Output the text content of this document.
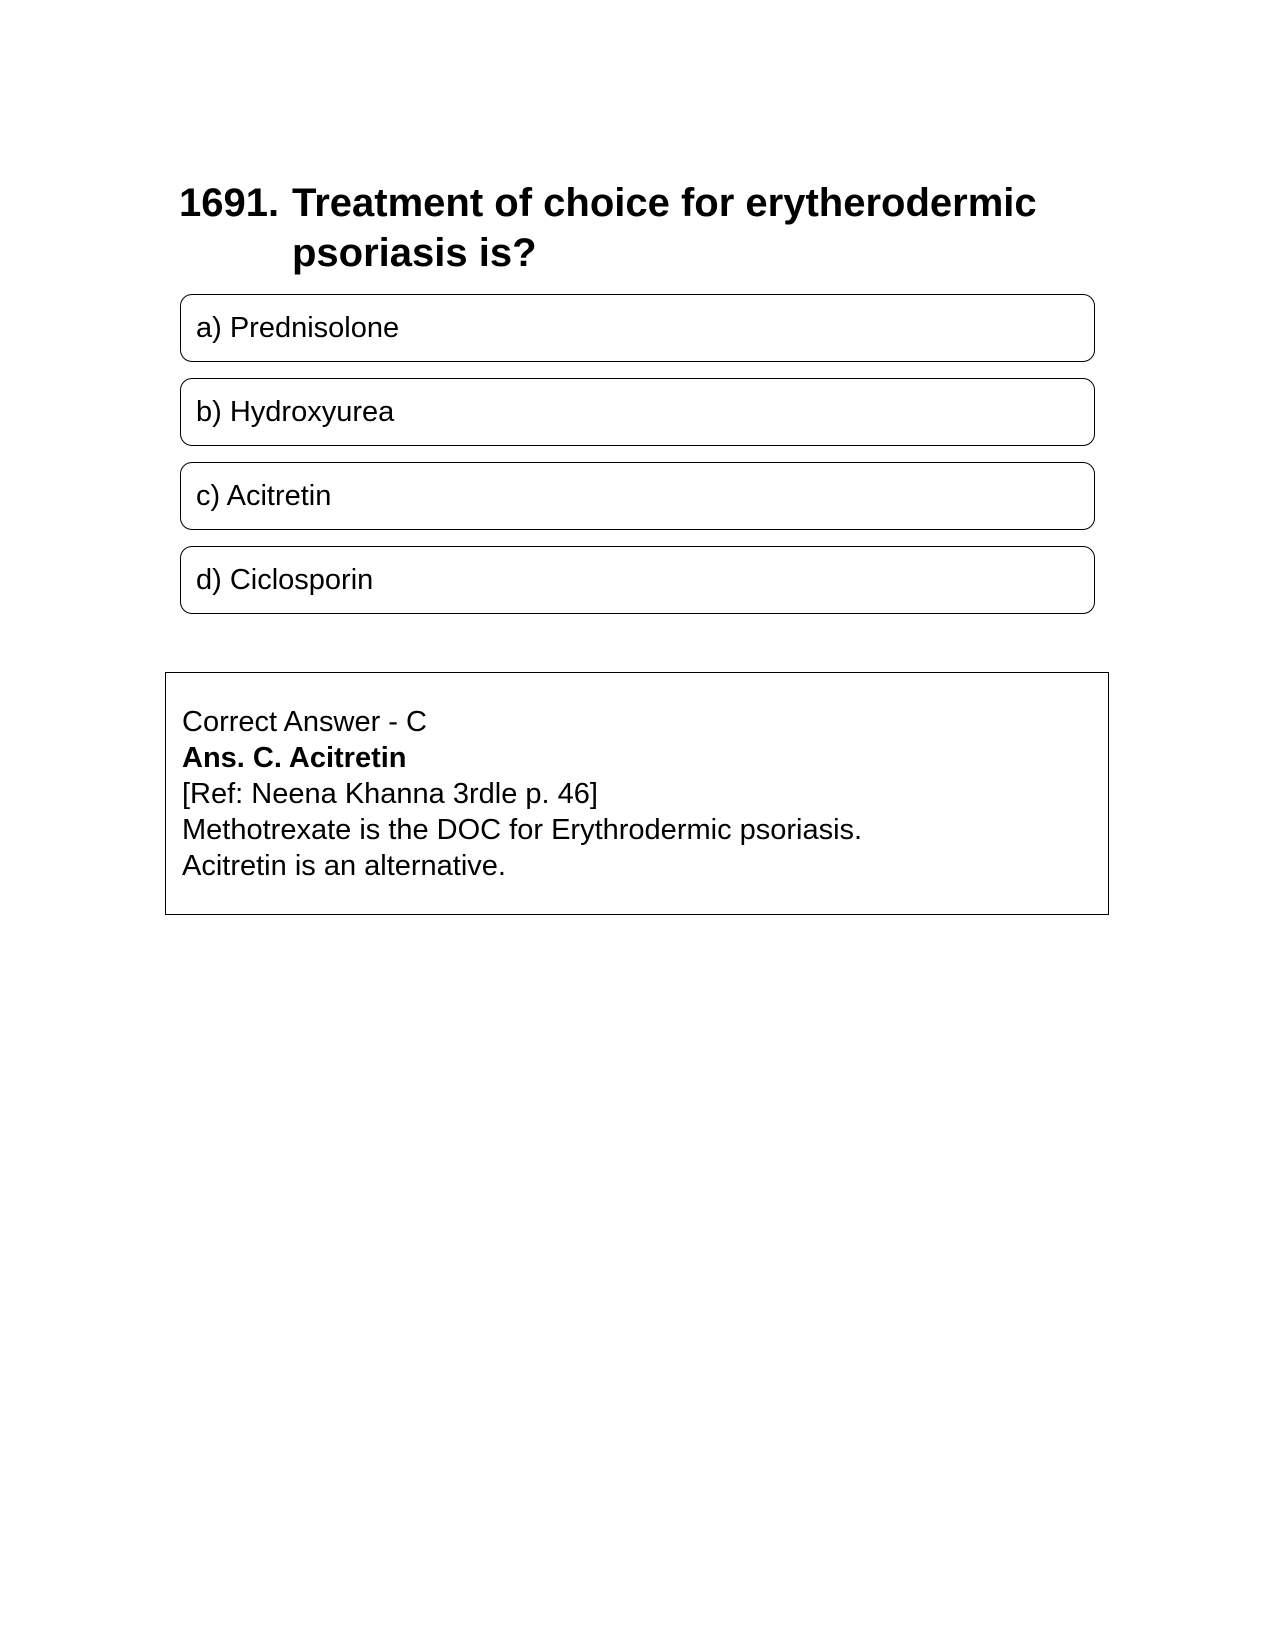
1691. Treatment of choice for erytherodermic psoriasis is?
a) Prednisolone
b) Hydroxyurea
c) Acitretin
d) Ciclosporin
Correct Answer - C
Ans. C. Acitretin
[Ref: Neena Khanna 3rdle p. 46]
Methotrexate is the DOC for Erythrodermic psoriasis.
Acitretin is an alternative.
